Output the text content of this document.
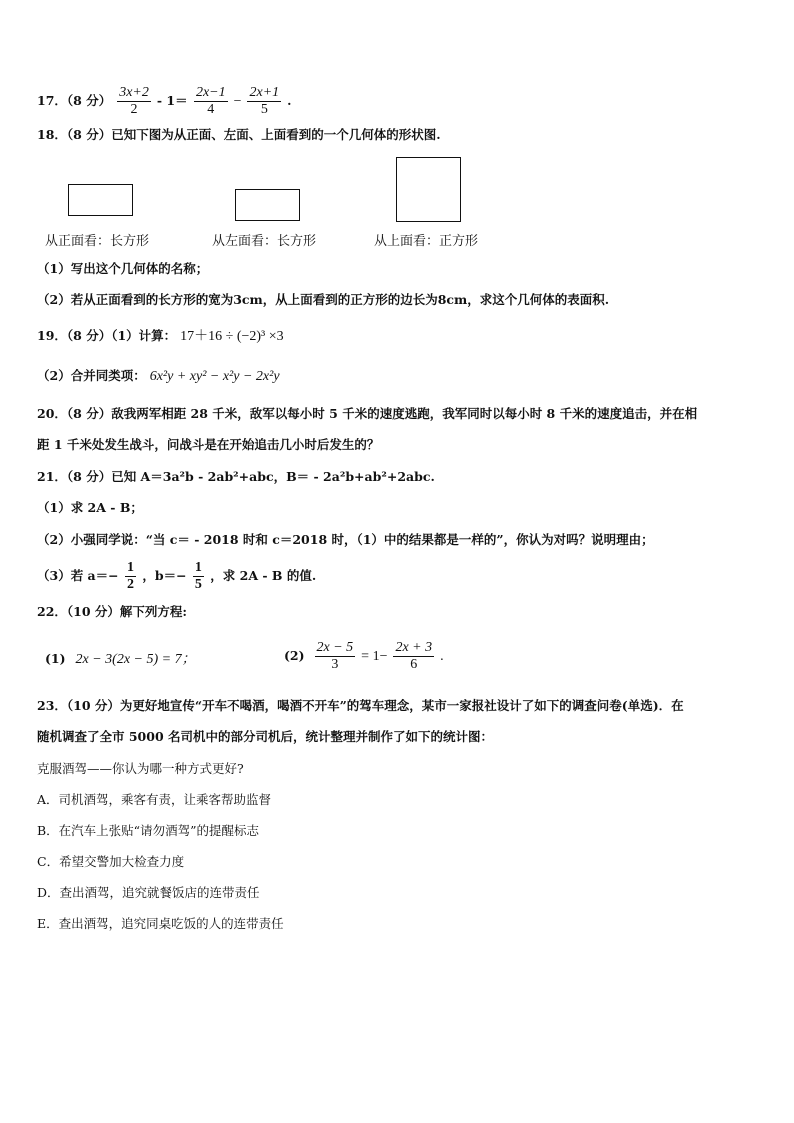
17．（8 分） $\frac{3x+2}{2} - 1= \frac{2x-1}{4} - \frac{2x+1}{5}$ .
18．（8 分）已知下图为从正面、左面、上面看到的一个几何体的形状图.
从正面看：长方形	从左面看：长方形	从上面看：正方形
（1）写出这个几何体的名称；
（2）若从正面看到的长方形的宽为3cm，从上面看到的正方形的边长为8cm，求这个几何体的表面积.
19．（8 分）（1）计算： 17＋16 ÷ (−2)³ ×3
（2）合并同类项： 6x²y + xy² − x²y − 2x²y
20．（8 分）敌我两军相距 28 千米，敌军以每小时 5 千米的速度逃跑，我军同时以每小时 8 千米的速度追击，并在相
距 1 千米处发生战斗，问战斗是在开始追击几小时后发生的？
21．（8 分）已知 A＝3a²b - 2ab²+abc，B＝ - 2a²b+ab²+2abc.
（1）求 2A - B；
（2）小强同学说：“当 c＝ - 2018 时和 c＝2018 时，（1）中的结果都是一样的”，你认为对吗？说明理由；
（3）若 $a=- \frac{1}{2}$ ，$b=- \frac{1}{5}$ ，求 2A - B 的值.
22．（10 分）解下列方程:
(1) 2x − 3(2x − 5) = 7；	$(2) \frac{2x - 5}{3} = 1- \frac{2x + 3}{6}$ .
23．（10 分）为更好地宣传“开车不喝酒，喝酒不开车”的驾车理念，某市一家报社设计了如下的调查问卷(单选)．在
随机调查了全市 5000 名司机中的部分司机后，统计整理并制作了如下的统计图：
克服酒驾——你认为哪一种方式更好?
A．司机酒驾，乘客有责，让乘客帮助监督
B．在汽车上张贴“请勿酒驾”的提醒标志
C．希望交警加大检查力度
D．查出酒驾，追究就餐饭店的连带责任
E．查出酒驾，追究同桌吃饭的人的连带责任
